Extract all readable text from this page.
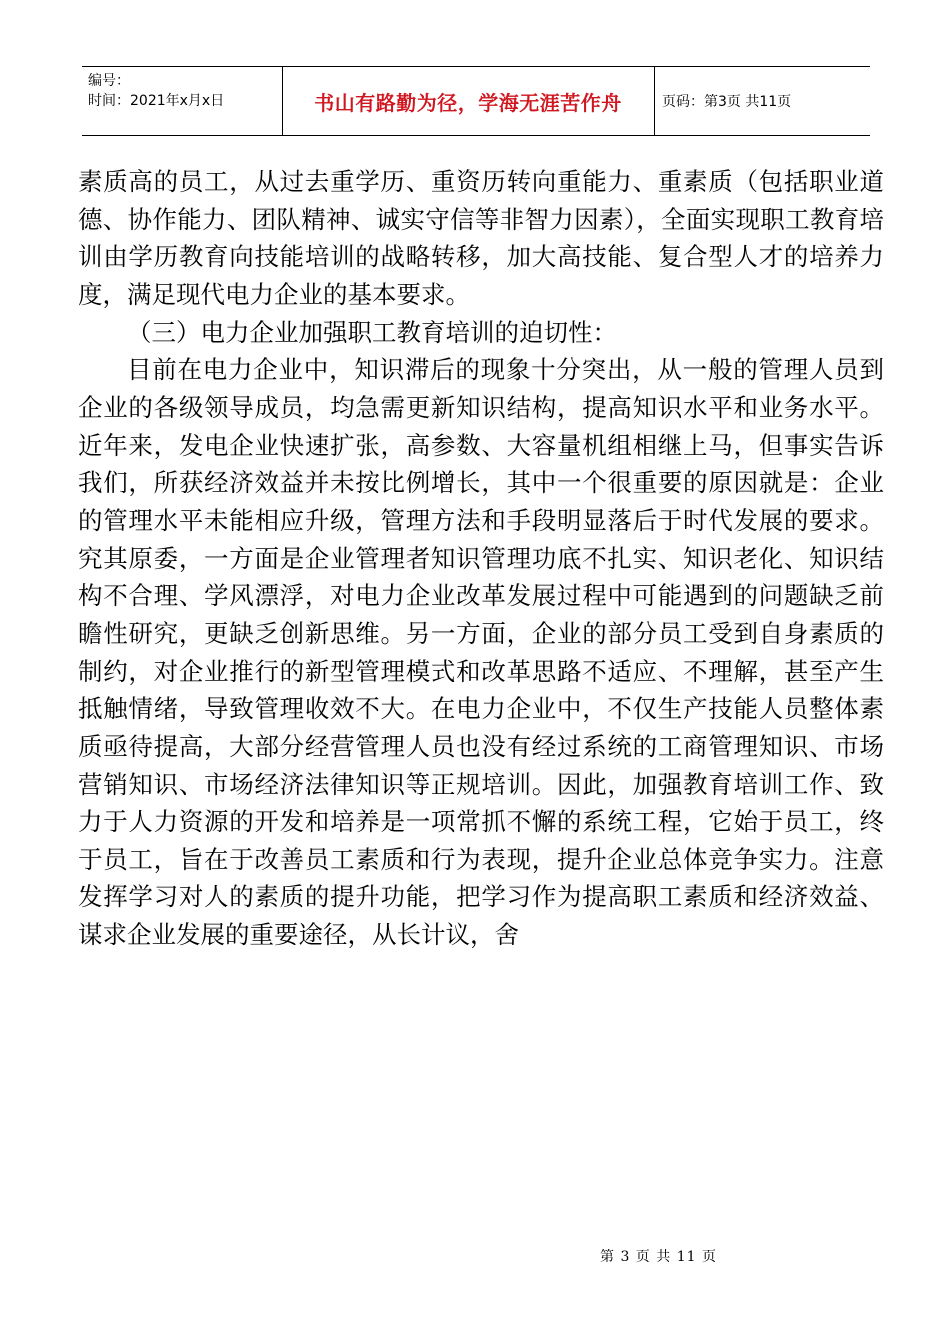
编号：
时间：2021年x月x日	书山有路勤为径，学海无涯苦作舟	页码：第3页 共11页

素质高的员工，从过去重学历、重资历转向重能力、重素质（包括职业道德、协作能力、团队精神、诚实守信等非智力因素），全面实现职工教育培训由学历教育向技能培训的战略转移，加大高技能、复合型人才的培养力度，满足现代电力企业的基本要求。

（三）电力企业加强职工教育培训的迫切性：

目前在电力企业中，知识滞后的现象十分突出，从一般的管理人员到企业的各级领导成员，均急需更新知识结构，提高知识水平和业务水平。近年来，发电企业快速扩张，高参数、大容量机组相继上马，但事实告诉我们，所获经济效益并未按比例增长，其中一个很重要的原因就是：企业的管理水平未能相应升级，管理方法和手段明显落后于时代发展的要求。究其原委，一方面是企业管理者知识管理功底不扎实、知识老化、知识结构不合理、学风漂浮，对电力企业改革发展过程中可能遇到的问题缺乏前瞻性研究，更缺乏创新思维。另一方面，企业的部分员工受到自身素质的制约，对企业推行的新型管理模式和改革思路不适应、不理解，甚至产生抵触情绪，导致管理收效不大。在电力企业中，不仅生产技能人员整体素质亟待提高，大部分经营管理人员也没有经过系统的工商管理知识、市场营销知识、市场经济法律知识等正规培训。因此，加强教育培训工作、致力于人力资源的开发和培养是一项常抓不懈的系统工程，它始于员工，终于员工，旨在于改善员工素质和行为表现，提升企业总体竞争实力。注意发挥学习对人的素质的提升功能，把学习作为提高职工素质和经济效益、谋求企业发展的重要途径，从长计议，舍

第 3 页 共 11 页
